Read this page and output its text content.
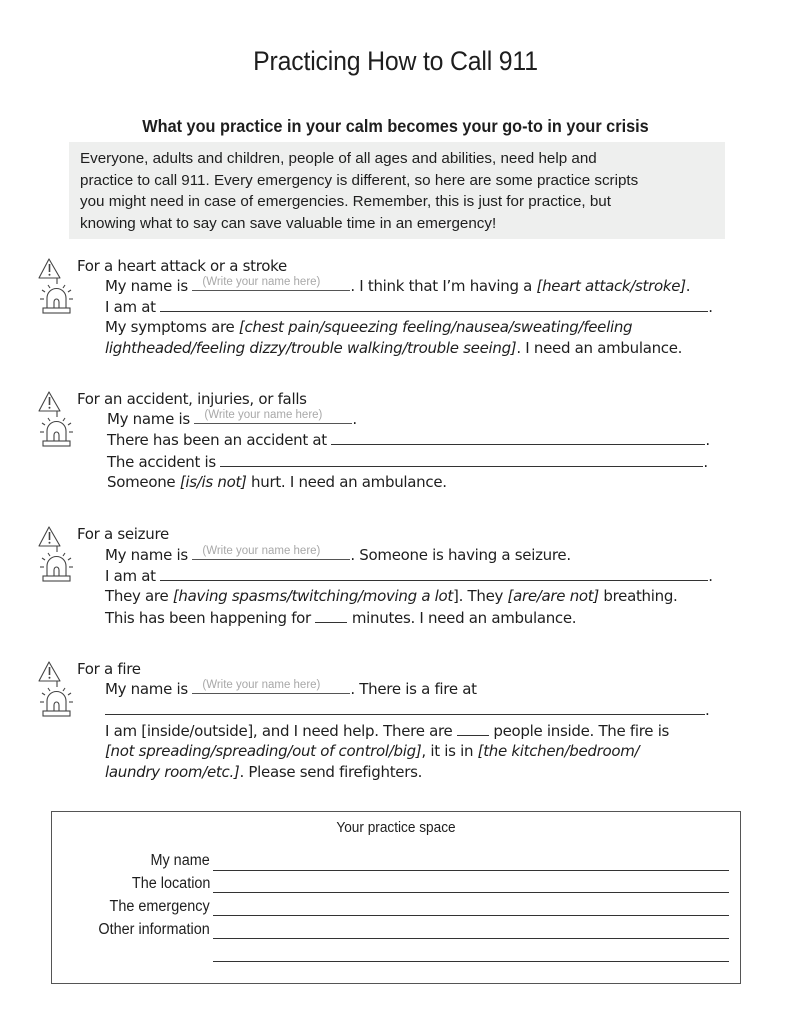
Practicing How to Call 911
What you practice in your calm becomes your go-to in your crisis
Everyone, adults and children, people of all ages and abilities, need help and
practice to call 911. Every emergency is different, so here are some practice scripts
you might need in case of emergencies. Remember, this is just for practice, but
knowing what to say can save valuable time in an emergency!
For a heart attack or a stroke
My name is (Write your name here) . I think that I’m having a [heart attack/stroke].
I am at	.
My symptoms are [chest pain/squeezing feeling/nausea/sweating/feeling
lightheaded/feeling dizzy/trouble walking/trouble seeing]. I need an ambulance.
For an accident, injuries, or falls
My name is (Write your name here) .
There has been an accident at	.
The accident is	.
Someone [is/is not] hurt. I need an ambulance.
For a seizure
My name is (Write your name here) . Someone is having a seizure.
I am at	.
They are [having spasms/twitching/moving a lot]. They [are/are not] breathing.
This has been happening for  minutes. I need an ambulance.
For a fire
My name is (Write your name here) . There is a fire at
.
I am [inside/outside], and I need help. There are  people inside. The fire is
[not spreading/spreading/out of control/big], it is in [the kitchen/bedroom/
laundry room/etc.]. Please send firefighters.
Your practice space
My name
The location
The emergency
Other information
